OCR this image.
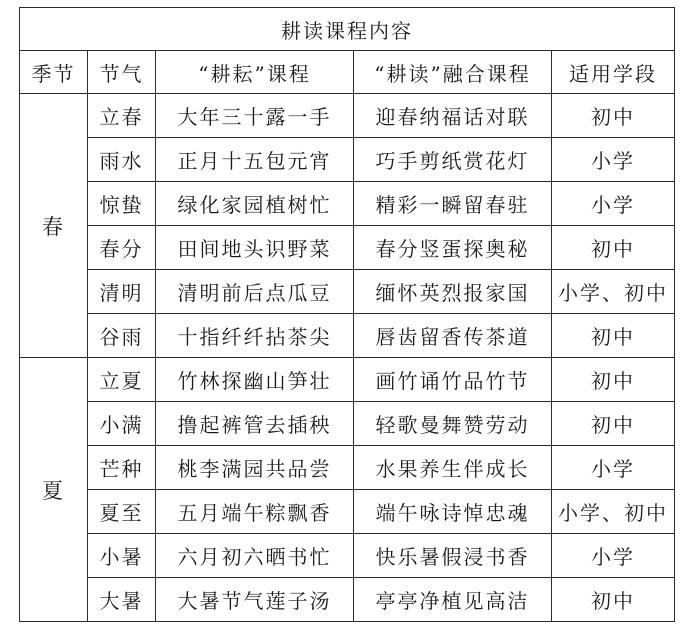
耕读课程内容				
季节	节气	“耕耘”课程	“耕读”融合课程	适用学段
春	立春	大年三十露一手	迎春纳福话对联	初中
	雨水	正月十五包元宵	巧手剪纸赏花灯	小学
	惊蛰	绿化家园植树忙	精彩一瞬留春驻	小学
	春分	田间地头识野菜	春分竖蛋探奥秘	初中
	清明	清明前后点瓜豆	缅怀英烈报家国	小学、初中
	谷雨	十指纤纤拈茶尖	唇齿留香传茶道	初中
夏	立夏	竹林探幽山笋壮	画竹诵竹品竹节	初中
	小满	撸起裤管去插秧	轻歌曼舞赞劳动	初中
	芒种	桃李满园共品尝	水果养生伴成长	小学
	夏至	五月端午粽飘香	端午咏诗悼忠魂	小学、初中
	小暑	六月初六晒书忙	快乐暑假浸书香	小学
	大暑	大暑节气莲子汤	亭亭净植见高洁	初中
